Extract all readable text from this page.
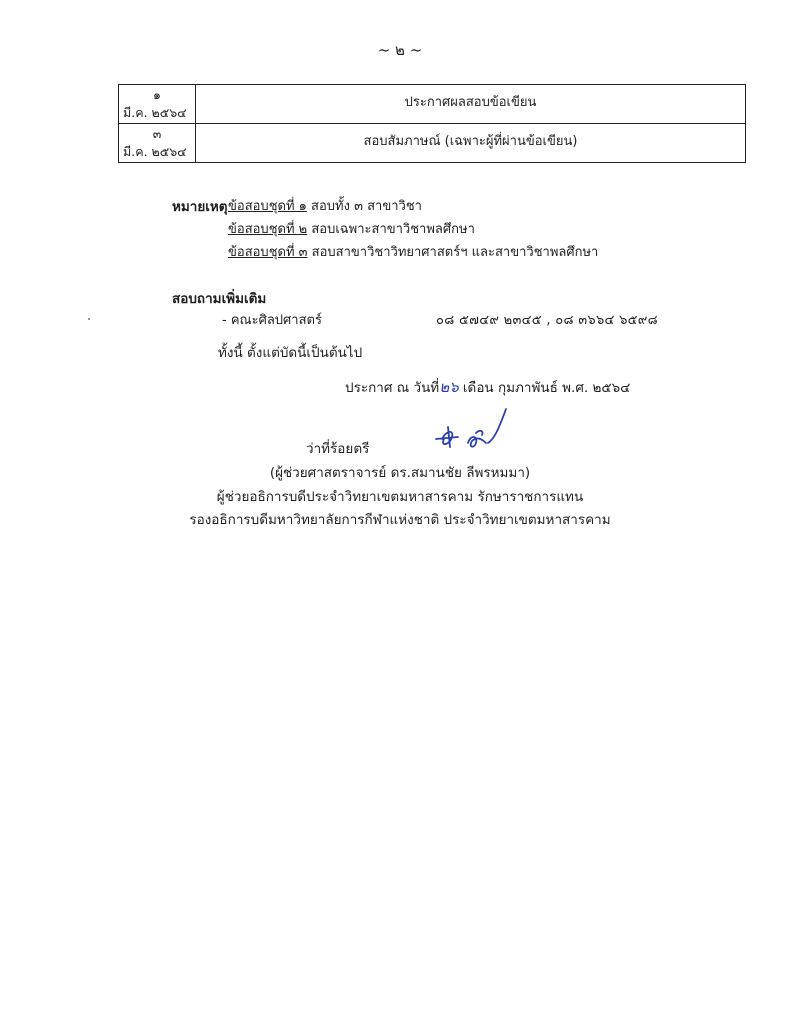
~ ๒ ~
๑
มี.ค. ๒๕๖๔	ประกาศผลสอบข้อเขียน

๓
มี.ค. ๒๕๖๔	สอบสัมภาษณ์ (เฉพาะผู้ที่ผ่านข้อเขียน)
หมายเหตุ ข้อสอบชุดที่ ๑ สอบทั้ง ๓ สาขาวิชา
ข้อสอบชุดที่ ๒ สอบเฉพาะสาขาวิชาพลศึกษา
ข้อสอบชุดที่ ๓ สอบสาขาวิชาวิทยาศาสตร์ฯ และสาขาวิชาพลศึกษา
สอบถามเพิ่มเติม
- คณะศิลปศาสตร์	๐๘ ๕๗๔๙ ๒๓๔๕ , ๐๘ ๓๖๖๔ ๖๕๙๘
ทั้งนี้ ตั้งแต่บัดนี้เป็นต้นไป
ประกาศ ณ วันที่๒๖ เดือน กุมภาพันธ์ พ.ศ. ๒๕๖๔
ว่าที่ร้อยตรี
(ผู้ช่วยศาสตราจารย์ ดร.สมานชัย ลีพรหมมา)
ผู้ช่วยอธิการบดีประจำวิทยาเขตมหาสารคาม รักษาราชการแทน
รองอธิการบดีมหาวิทยาลัยการกีฬาแห่งชาติ ประจำวิทยาเขตมหาสารคาม
